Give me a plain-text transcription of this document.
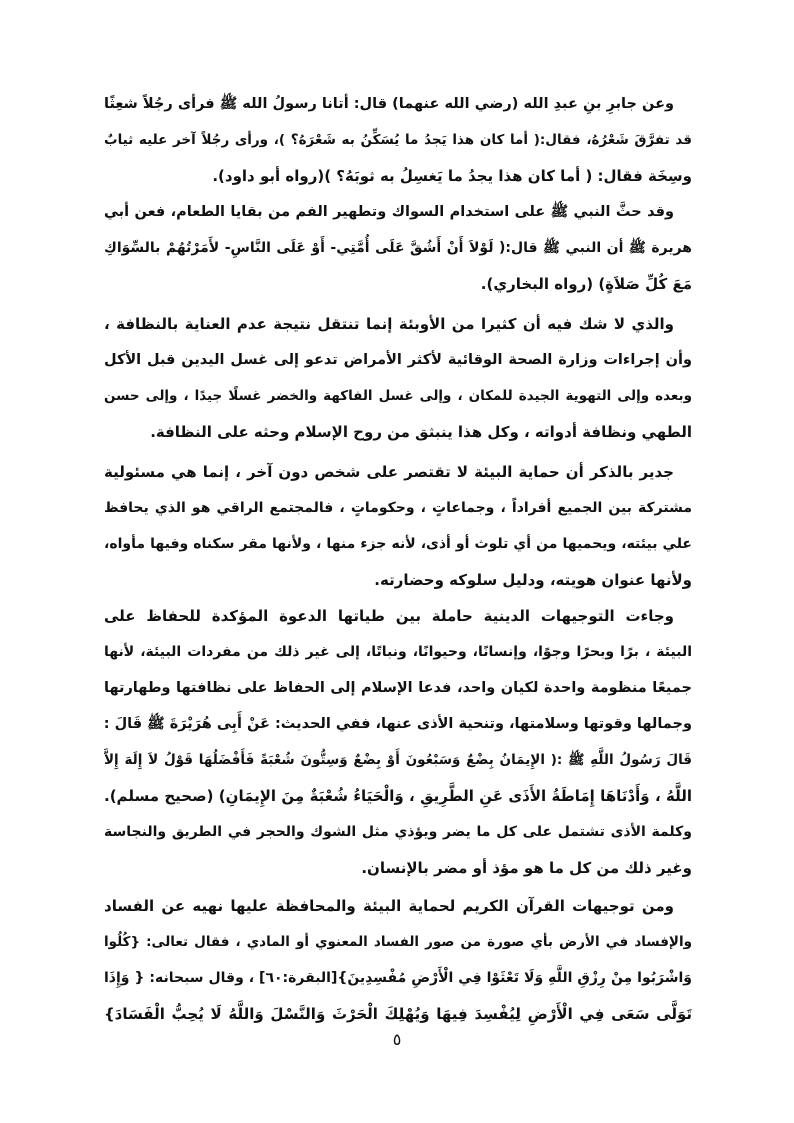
وعن جابرِ بنِ عبدِ الله (رضي الله عنهما) قال: أتانا رسولُ الله ﷺ فرأى رجُلاً شعِثًا
قد تفرَّقَ شَعْرُهُ، فقال:( أما كان هذا يَجدُ ما يُسَكِّنُ به شَعْرَهُ؟ )، ورأى رجُلاً آخر عليه ثيابٌ
وسِخَة فقال: ( أما كان هذا يجدُ ما يَغسِلُ به ثوبَهُ؟ )(رواه أبو داود).
وقد حثَّ النبي ﷺ على استخدام السواك وتطهير الفم من بقايا الطعام، فعن أبي
هريرة ﷺ أن النبي ﷺ قال:( لَوْلاَ أَنْ أَشُقَّ عَلَى أُمَّتِي- أَوْ عَلَى النَّاسِ- لأَمَرْتُهُمْ بالسِّوَاكِ
مَعَ كُلِّ صَلاَةٍ) (رواه البخاري).
والذي لا شك فيه أن كثيرا من الأوبئة إنما تنتقل نتيجة عدم العناية بالنظافة ،
وأن إجراءات وزارة الصحة الوقائية لأكثر الأمراض تدعو إلى غسل اليدين قبل الأكل
وبعده وإلى التهوية الجيدة للمكان ، وإلى غسل الفاكهة والخضر غسلًا جيدًا ، وإلى حسن
الطهي ونظافة أدواته ، وكل هذا ينبثق من روح الإسلام وحثه على النظافة.
جدير بالذكر أن حماية البيئة لا تقتصر على شخص دون آخر ، إنما هي مسئولية
مشتركة بين الجميع أفراداً ، وجماعاتٍ ، وحكوماتٍ ، فالمجتمع الراقي هو الذي يحافظ
علي بيئته، ويحميها من أي تلوث أو أذى، لأنه جزء منها ، ولأنها مقر سكناه وفيها مأواه،
ولأنها عنوان هويته، ودليل سلوكه وحضارته.
وجاءت التوجيهات الدينية حاملة بين طياتها الدعوة المؤكدة للحفاظ على
البيئة ، برًا وبحرًا وجوًا، وإنسانًا، وحيوانًا، ونباتًا، إلى غير ذلك من مفردات البيئة، لأنها
جميعًا منظومة واحدة لكيان واحد، فدعا الإسلام إلى الحفاظ على نظافتها وطهارتها
وجمالها وقوتها وسلامتها، وتنحية الأذى عنها، ففي الحديث: عَنْ أَبِى هُرَيْرَةَ ﷺ قَالَ :
قَالَ رَسُولُ اللَّهِ ﷺ :( الإِيمَانُ بِضْعٌ وَسَبْعُونَ أَوْ بِضْعٌ وَسِتُّونَ شُعْبَةً فَأَفْضَلُهَا قَوْلُ لاَ إِلَهَ إِلاَّ
اللَّهُ ، وَأَدْنَاهَا إِمَاطَةُ الأَذَى عَنِ الطَّرِيقِ ، وَالْحَيَاءُ شُعْبَةٌ مِنَ الإِيمَانِ) (صحيح مسلم).
وكلمة الأذى تشتمل على كل ما يضر ويؤذي مثل الشوك والحجر في الطريق والنجاسة
وغير ذلك من كل ما هو مؤذ أو مضر بالإنسان.
ومن توجيهات القرآن الكريم لحماية البيئة والمحافظة عليها نهيه عن الفساد
والإفساد في الأرض بأي صورة من صور الفساد المعنوي أو المادي ، فقال تعالى: {كُلُوا
وَاشْرَبُوا مِنْ رِزْقِ اللَّهِ وَلَا تَعْثَوْا فِي الْأَرْضِ مُفْسِدِينَ}[البقرة:٦٠] ، وقال سبحانه: { وَإِذَا
تَوَلَّى سَعَى فِي الْأَرْضِ لِيُفْسِدَ فِيهَا وَيُهْلِكَ الْحَرْثَ وَالنَّسْلَ وَاللَّهُ لَا يُحِبُّ الْفَسَادَ}
٥
